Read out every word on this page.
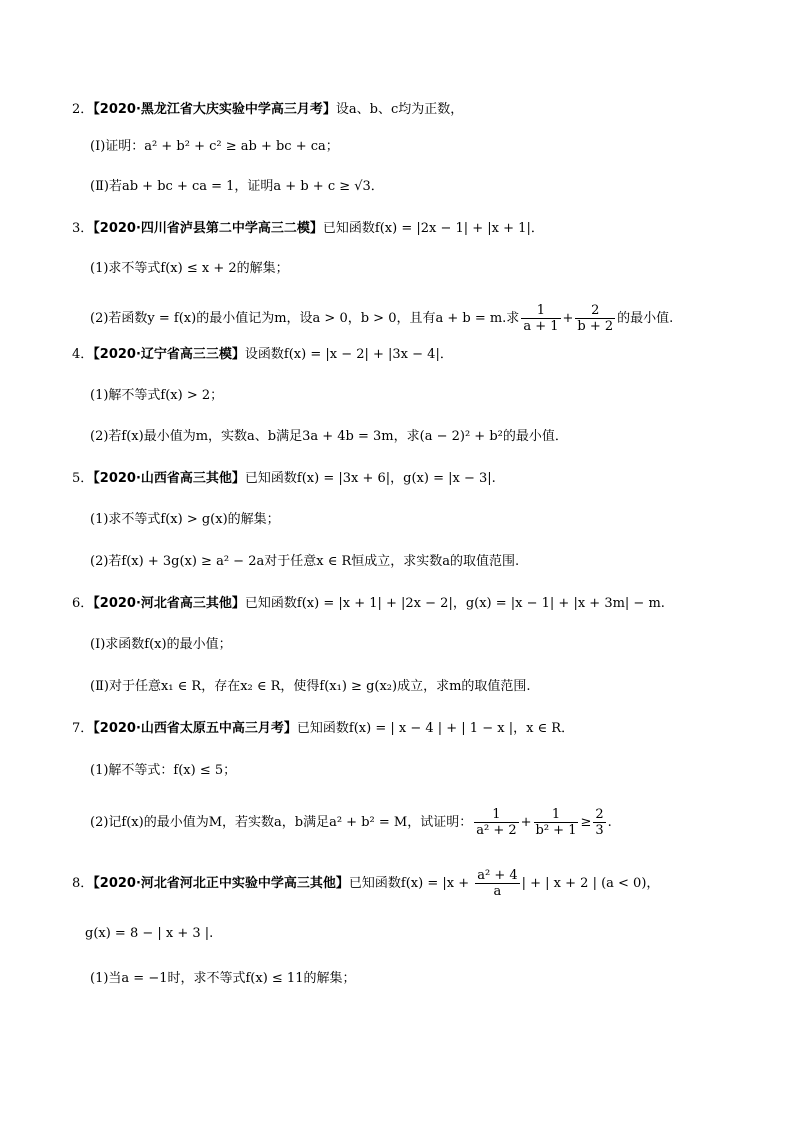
2．【2020·黑龙江省大庆实验中学高三月考】设a、b、c均为正数，
(Ⅰ)证明：a² + b² + c² ≥ ab + bc + ca；
(Ⅱ)若ab + bc + ca = 1，证明a + b + c ≥ √3．
3．【2020·四川省泸县第二中学高三二模】已知函数f(x) = |2x − 1| + |x + 1|．
(1)求不等式f(x) ≤ x + 2的解集；
(2)若函数y = f(x)的最小值记为m，设a > 0，b > 0，且有a + b = m.求 $\frac{1}{a + 1} + \frac{2}{b + 2}$ 的最小值.
4．【2020·辽宁省高三三模】设函数f(x) = |x − 2| + |3x − 4|．
(1)解不等式f(x) > 2；
(2)若f(x)最小值为m，实数a、b满足3a + 4b = 3m，求(a − 2)² + b²的最小值．
5．【2020·山西省高三其他】已知函数f(x) = |3x + 6|，g(x) = |x − 3|.
(1)求不等式f(x) > g(x)的解集；
(2)若f(x) + 3g(x) ≥ a² − 2a对于任意x ∈ R恒成立，求实数a的取值范围.
6．【2020·河北省高三其他】已知函数f(x) = |x + 1| + |2x − 2|，g(x) = |x − 1| + |x + 3m| − m.
(Ⅰ)求函数f(x)的最小值；
(Ⅱ)对于任意x₁ ∈ R，存在x₂ ∈ R，使得f(x₁) ≥ g(x₂)成立，求m的取值范围.
7．【2020·山西省太原五中高三月考】已知函数f(x) = | x − 4 | + | 1 − x |，x ∈ R．
(1)解不等式：f(x) ≤ 5；
(2)记f(x)的最小值为M，若实数a，b满足a² + b² = M，试证明： $\frac{1}{\text{a² + 2}} + \frac{1}{\text{b² + 1}} \ge \frac{2}{3}$ .
8．【2020·河北省河北正中实验中学高三其他】已知函数$f(x) = |x + \frac{\text{a² + 4}}{a}$ | + | x + 2 | (a < 0)，
g(x) = 8 − | x + 3 |.
(1)当a = −1时，求不等式f(x) ≤ 11的解集；
